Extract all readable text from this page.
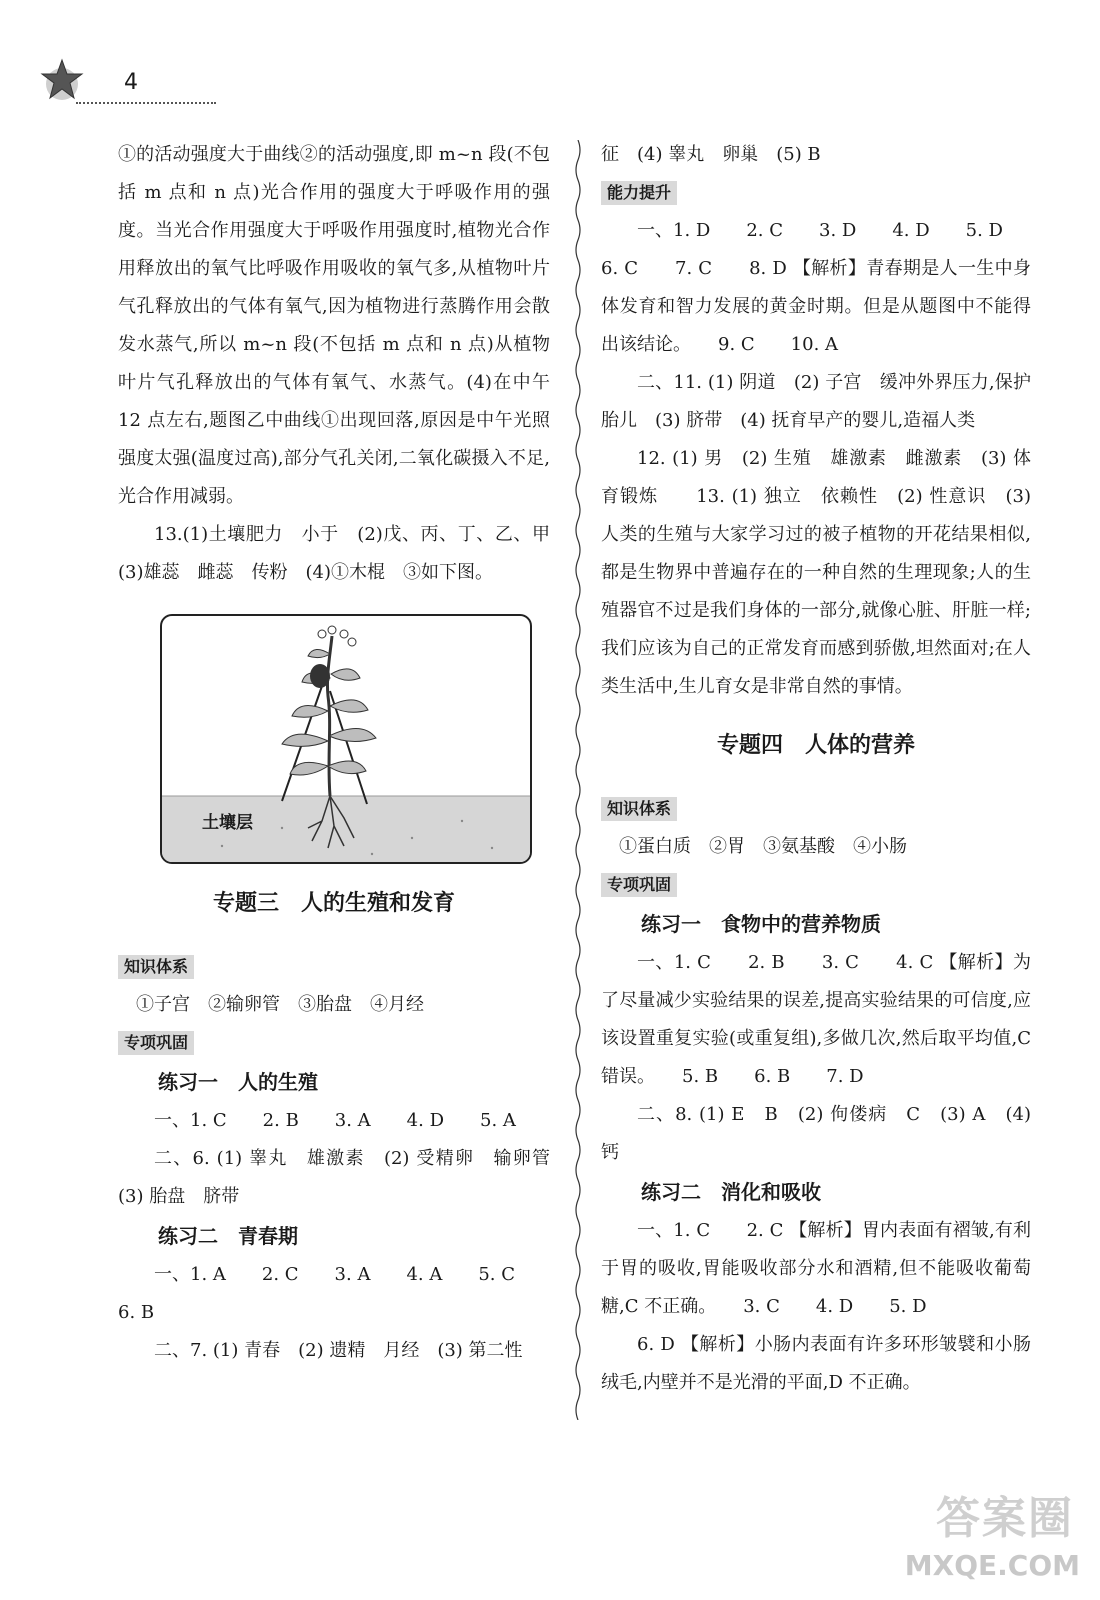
4

①的活动强度大于曲线②的活动强度,即 m~n 段(不包括 m 点和 n 点)光合作用的强度大于呼吸作用的强度。当光合作用强度大于呼吸作用强度时,植物光合作用释放出的氧气比呼吸作用吸收的氧气多,从植物叶片气孔释放出的气体有氧气,因为植物进行蒸腾作用会散发水蒸气,所以 m~n 段(不包括 m 点和 n 点)从植物叶片气孔释放出的气体有氧气、水蒸气。(4)在中午 12 点左右,题图乙中曲线①出现回落,原因是中午光照强度太强(温度过高),部分气孔关闭,二氧化碳摄入不足,光合作用减弱。

13.(1)土壤肥力　小于　(2)戊、丙、丁、乙、甲　(3)雄蕊　雌蕊　传粉　(4)①木棍　③如下图。

土壤层
专题三　人的生殖和发育
知识体系

①子宫　②输卵管　③胎盘　④月经

专项巩固
练习一　人的生殖

一、1. C　　2. B　　3. A　　4. D　　5. A

二、6. (1) 睾丸　雄激素　(2) 受精卵　输卵管　(3) 胎盘　脐带

练习二　青春期

一、1. A　　2. C　　3. A　　4. A　　5. C

6. B

二、7. (1) 青春　(2) 遗精　月经　(3) 第二性

征　(4) 睾丸　卵巢　(5) B

能力提升

一、1. D　　2. C　　3. D　　4. D　　5. D

6. C　　7. C　　8. D 【解析】青春期是人一生中身体发育和智力发展的黄金时期。但是从题图中不能得出该结论。　　9. C　　10. A

二、11. (1) 阴道　(2) 子宫　缓冲外界压力,保护胎儿　(3) 脐带　(4) 抚育早产的婴儿,造福人类

12. (1) 男　(2) 生殖　雄激素　雌激素　(3) 体育锻炼　　13. (1) 独立　依赖性　(2) 性意识　(3) 人类的生殖与大家学习过的被子植物的开花结果相似,都是生物界中普遍存在的一种自然的生理现象;人的生殖器官不过是我们身体的一部分,就像心脏、肝脏一样;我们应该为自己的正常发育而感到骄傲,坦然面对;在人类生活中,生儿育女是非常自然的事情。

专题四　人体的营养
知识体系

①蛋白质　②胃　③氨基酸　④小肠

专项巩固
练习一　食物中的营养物质

一、1. C　　2. B　　3. C　　4. C 【解析】为了尽量减少实验结果的误差,提高实验结果的可信度,应该设置重复实验(或重复组),多做几次,然后取平均值,C 错误。　　5. B　　6. B　　7. D

二、8. (1) E　B　(2) 佝偻病　C　(3) A　(4) 钙

练习二　消化和吸收

一、1. C　　2. C 【解析】胃内表面有褶皱,有利于胃的吸收,胃能吸收部分水和酒精,但不能吸收葡萄糖,C 不正确。　　3. C　　4. D　　5. D

6. D 【解析】小肠内表面有许多环形皱襞和小肠绒毛,内壁并不是光滑的平面,D 不正确。

答案圈
MXQE.COM
